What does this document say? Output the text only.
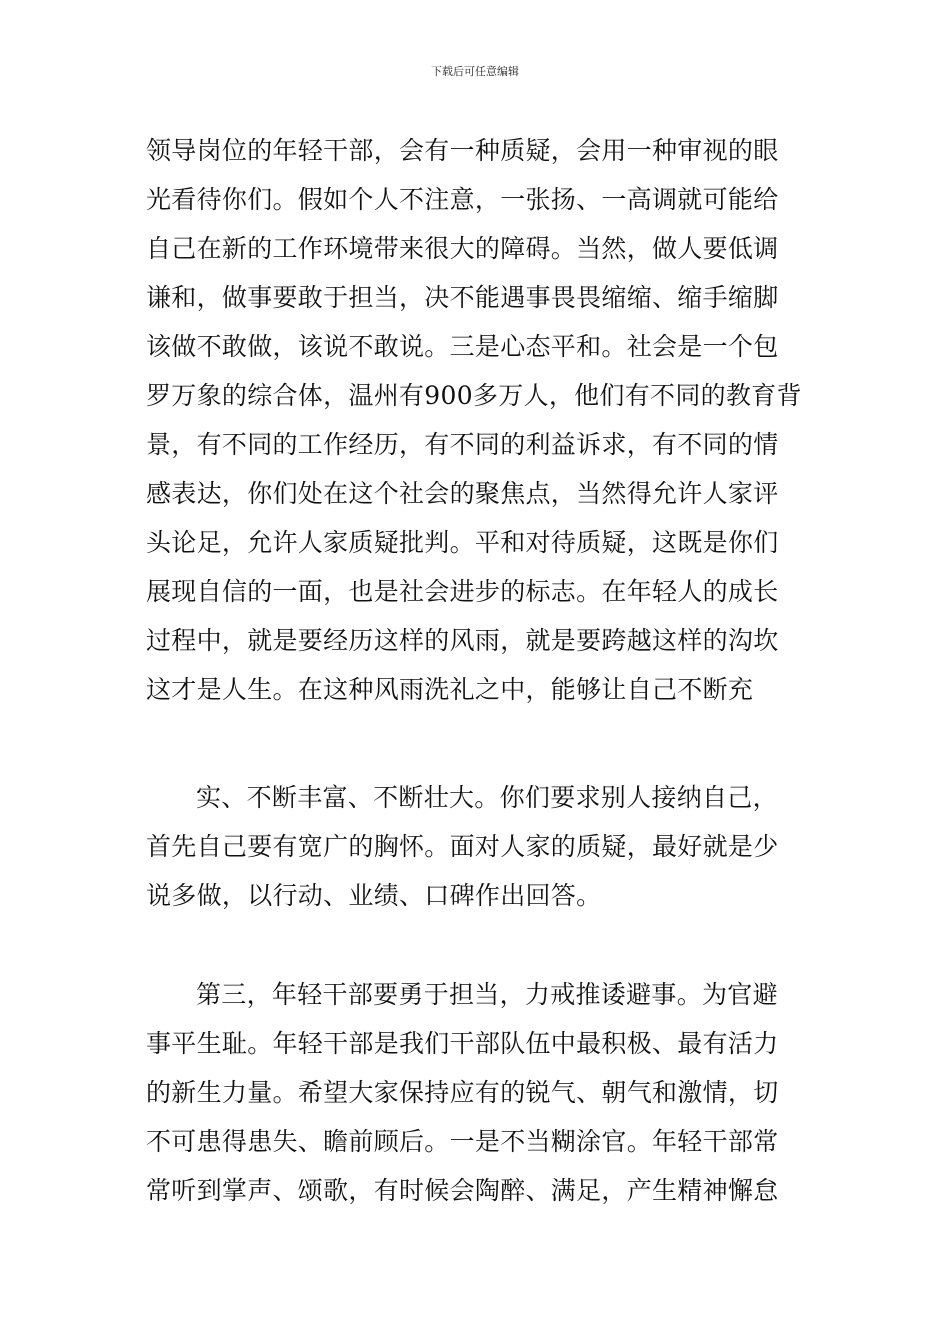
下载后可任意编辑
领导岗位的年轻干部，会有一种质疑，会用一种审视的眼
光看待你们。假如个人不注意，一张扬、一高调就可能给
自己在新的工作环境带来很大的障碍。当然，做人要低调
谦和，做事要敢于担当，决不能遇事畏畏缩缩、缩手缩脚
该做不敢做，该说不敢说。三是心态平和。社会是一个包
罗万象的综合体，温州有900多万人，他们有不同的教育背
景，有不同的工作经历，有不同的利益诉求，有不同的情
感表达，你们处在这个社会的聚焦点，当然得允许人家评
头论足，允许人家质疑批判。平和对待质疑，这既是你们
展现自信的一面，也是社会进步的标志。在年轻人的成长
过程中，就是要经历这样的风雨，就是要跨越这样的沟坎
这才是人生。在这种风雨洗礼之中，能够让自己不断充
实、不断丰富、不断壮大。你们要求别人接纳自己，
首先自己要有宽广的胸怀。面对人家的质疑，最好就是少
说多做，以行动、业绩、口碑作出回答。
第三，年轻干部要勇于担当，力戒推诿避事。为官避
事平生耻。年轻干部是我们干部队伍中最积极、最有活力
的新生力量。希望大家保持应有的锐气、朝气和激情，切
不可患得患失、瞻前顾后。一是不当糊涂官。年轻干部常
常听到掌声、颂歌，有时候会陶醉、满足，产生精神懈怠
